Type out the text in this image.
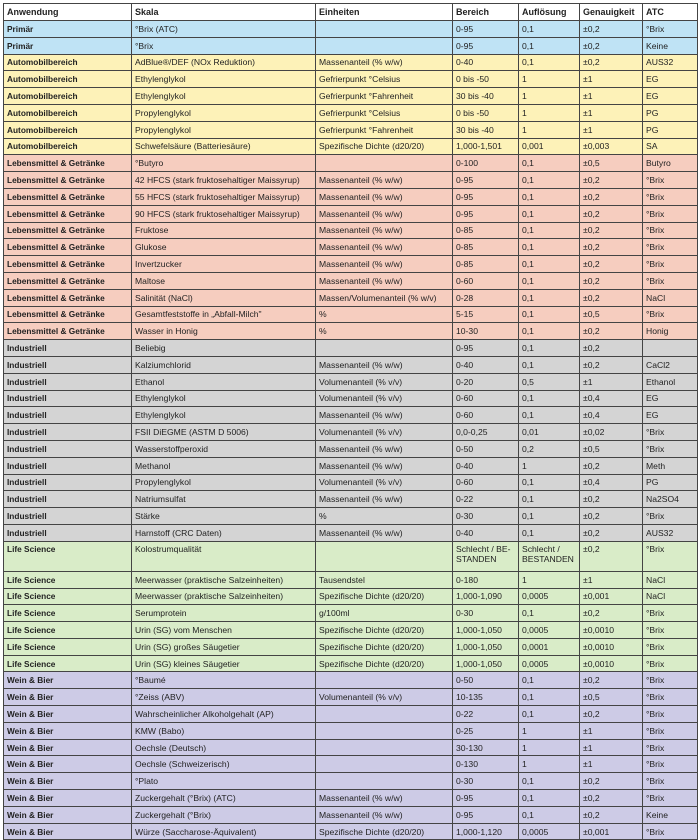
Anwendung	Skala	Einheiten	Bereich	Auflösung	Genauigkeit	ATC
Primär	°Brix (ATC)		0-95	0,1	±0,2	°Brix
Primär	°Brix		0-95	0,1	±0,2	Keine
Automobilbereich	AdBlue®/DEF (NOx Reduktion)	Massenanteil (% w/w)	0-40	0,1	±0,2	AUS32
Automobilbereich	Ethylenglykol	Gefrierpunkt °Celsius	0 bis -50	1	±1	EG
Automobilbereich	Ethylenglykol	Gefrierpunkt °Fahrenheit	30 bis -40	1	±1	EG
Automobilbereich	Propylenglykol	Gefrierpunkt °Celsius	0 bis -50	1	±1	PG
Automobilbereich	Propylenglykol	Gefrierpunkt °Fahrenheit	30 bis -40	1	±1	PG
Automobilbereich	Schwefelsäure (Batteriesäure)	Spezifische Dichte (d20/20)	1,000-1,501	0,001	±0,003	SA
Lebensmittel & Getränke	°Butyro		0-100	0,1	±0,5	Butyro
Lebensmittel & Getränke	42 HFCS (stark fruktosehaltiger Maissyrup)	Massenanteil (% w/w)	0-95	0,1	±0,2	°Brix
Lebensmittel & Getränke	55 HFCS (stark fruktosehaltiger Maissyrup)	Massenanteil (% w/w)	0-95	0,1	±0,2	°Brix
Lebensmittel & Getränke	90 HFCS (stark fruktosehaltiger Maissyrup)	Massenanteil (% w/w)	0-95	0,1	±0,2	°Brix
Lebensmittel & Getränke	Fruktose	Massenanteil (% w/w)	0-85	0,1	±0,2	°Brix
Lebensmittel & Getränke	Glukose	Massenanteil (% w/w)	0-85	0,1	±0,2	°Brix
Lebensmittel & Getränke	Invertzucker	Massenanteil (% w/w)	0-85	0,1	±0,2	°Brix
Lebensmittel & Getränke	Maltose	Massenanteil (% w/w)	0-60	0,1	±0,2	°Brix
Lebensmittel & Getränke	Salinität (NaCl)	Massen/Volumenanteil (% w/v)	0-28	0,1	±0,2	NaCl
Lebensmittel & Getränke	Gesamtfeststoffe in „Abfall-Milch"	%	5-15	0,1	±0,5	°Brix
Lebensmittel & Getränke	Wasser in Honig	%	10-30	0,1	±0,2	Honig
Industriell	Beliebig		0-95	0,1	±0,2	
Industriell	Kalziumchlorid	Massenanteil (% w/w)	0-40	0,1	±0,2	CaCl2
Industriell	Ethanol	Volumenanteil (% v/v)	0-20	0,5	±1	Ethanol
Industriell	Ethylenglykol	Volumenanteil (% v/v)	0-60	0,1	±0,4	EG
Industriell	Ethylenglykol	Massenanteil (% w/w)	0-60	0,1	±0,4	EG
Industriell	FSII DiEGME (ASTM D 5006)	Volumenanteil (% v/v)	0,0-0,25	0,01	±0,02	°Brix
Industriell	Wasserstoffperoxid	Massenanteil (% w/w)	0-50	0,2	±0,5	°Brix
Industriell	Methanol	Massenanteil (% w/w)	0-40	1	±0,2	Meth
Industriell	Propylenglykol	Volumenanteil (% v/v)	0-60	0,1	±0,4	PG
Industriell	Natriumsulfat	Massenanteil (% w/w)	0-22	0,1	±0,2	Na2SO4
Industriell	Stärke	%	0-30	0,1	±0,2	°Brix
Industriell	Harnstoff (CRC Daten)	Massenanteil (% w/w)	0-40	0,1	±0,2	AUS32
Life Science	Kolostrumqualität		Schlecht / BE-STANDEN	Schlecht / BESTANDEN	±0,2	°Brix
Life Science	Meerwasser (praktische Salzeinheiten)	Tausendstel	0-180	1	±1	NaCl
Life Science	Meerwasser (praktische Salzeinheiten)	Spezifische Dichte (d20/20)	1,000-1,090	0,0005	±0,001	NaCl
Life Science	Serumprotein	g/100ml	0-30	0,1	±0,2	°Brix
Life Science	Urin (SG) vom Menschen	Spezifische Dichte (d20/20)	1,000-1,050	0,0005	±0,0010	°Brix
Life Science	Urin (SG) großes Säugetier	Spezifische Dichte (d20/20)	1,000-1,050	0,0001	±0,0010	°Brix
Life Science	Urin (SG) kleines Säugetier	Spezifische Dichte (d20/20)	1,000-1,050	0,0005	±0,0010	°Brix
Wein & Bier	°Baumé		0-50	0,1	±0,2	°Brix
Wein & Bier	°Zeiss (ABV)	Volumenanteil (% v/v)	10-135	0,1	±0,5	°Brix
Wein & Bier	Wahrscheinlicher Alkoholgehalt (AP)		0-22	0,1	±0,2	°Brix
Wein & Bier	KMW (Babo)		0-25	1	±1	°Brix
Wein & Bier	Oechsle (Deutsch)		30-130	1	±1	°Brix
Wein & Bier	Oechsle (Schweizerisch)		0-130	1	±1	°Brix
Wein & Bier	°Plato		0-30	0,1	±0,2	°Brix
Wein & Bier	Zuckergehalt (°Brix) (ATC)	Massenanteil (% w/w)	0-95	0,1	±0,2	°Brix
Wein & Bier	Zuckergehalt (°Brix)	Massenanteil (% w/w)	0-95	0,1	±0,2	Keine
Wein & Bier	Würze (Saccharose-Äquivalent)	Spezifische Dichte (d20/20)	1,000-1,120	0,0005	±0,001	°Brix
